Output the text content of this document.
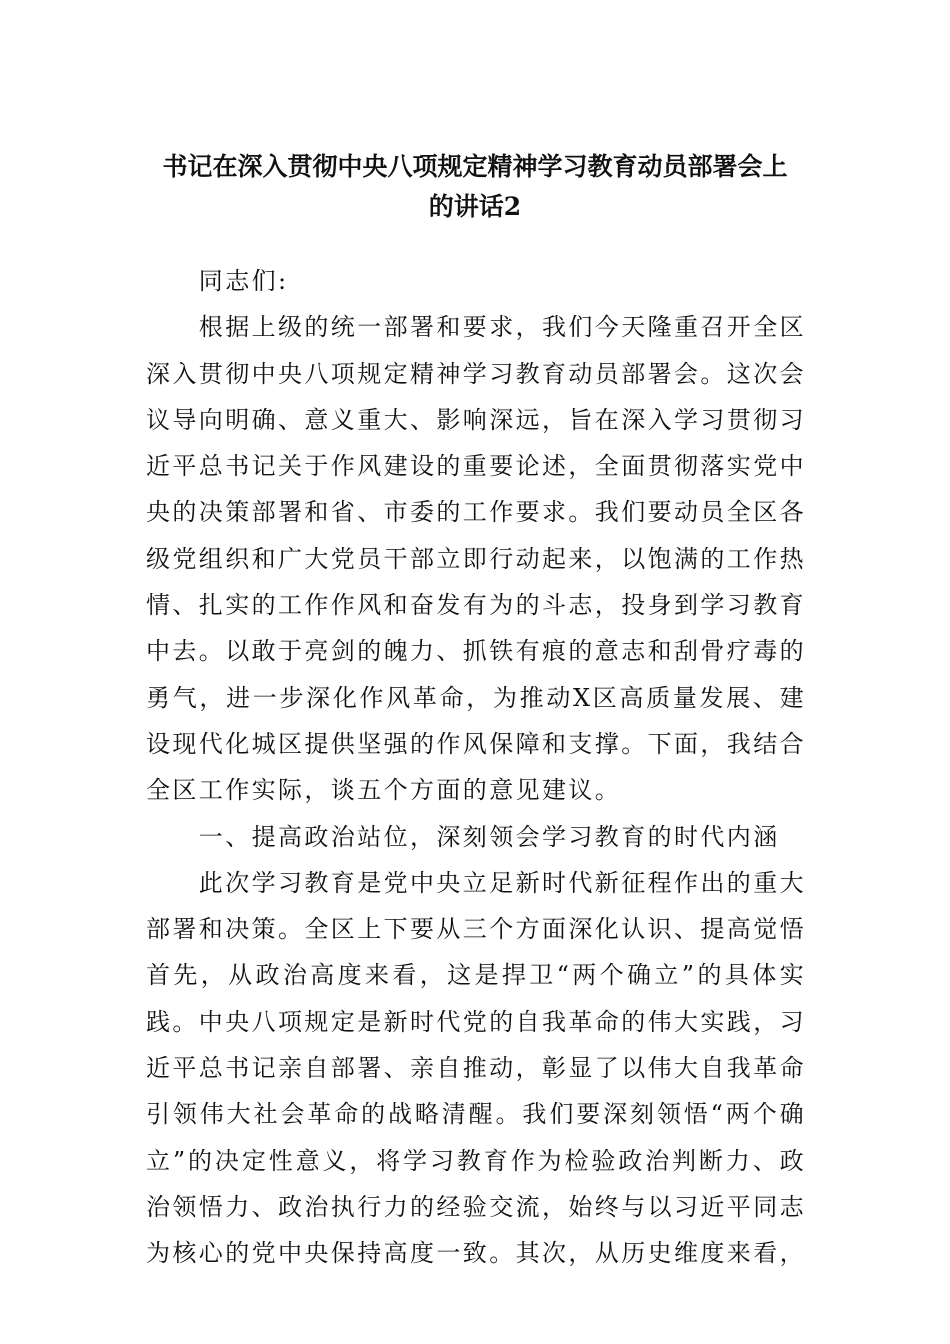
书记在深入贯彻中央八项规定精神学习教育动员部署会上
的讲话2

同志们:

根据上级的统一部署和要求，我们今天隆重召开全区深入贯彻中央八项规定精神学习教育动员部署会。这次会议导向明确、意义重大、影响深远，旨在深入学习贯彻习近平总书记关于作风建设的重要论述，全面贯彻落实党中央的决策部署和省、市委的工作要求。我们要动员全区各级党组织和广大党员干部立即行动起来，以饱满的工作热情、扎实的工作作风和奋发有为的斗志，投身到学习教育中去。以敢于亮剑的魄力、抓铁有痕的意志和刮骨疗毒的勇气，进一步深化作风革命，为推动X区高质量发展、建设现代化城区提供坚强的作风保障和支撑。下面，我结合全区工作实际，谈五个方面的意见建议。

一、提高政治站位，深刻领会学习教育的时代内涵

此次学习教育是党中央立足新时代新征程作出的重大部署和决策。全区上下要从三个方面深化认识、提高觉悟首先，从政治高度来看，这是捍卫“两个确立”的具体实践。中央八项规定是新时代党的自我革命的伟大实践，习近平总书记亲自部署、亲自推动，彰显了以伟大自我革命引领伟大社会革命的战略清醒。我们要深刻领悟“两个确立”的决定性意义，将学习教育作为检验政治判断力、政治领悟力、政治执行力的经验交流，始终与以习近平同志为核心的党中央保持高度一致。其次，从历史维度来看，
